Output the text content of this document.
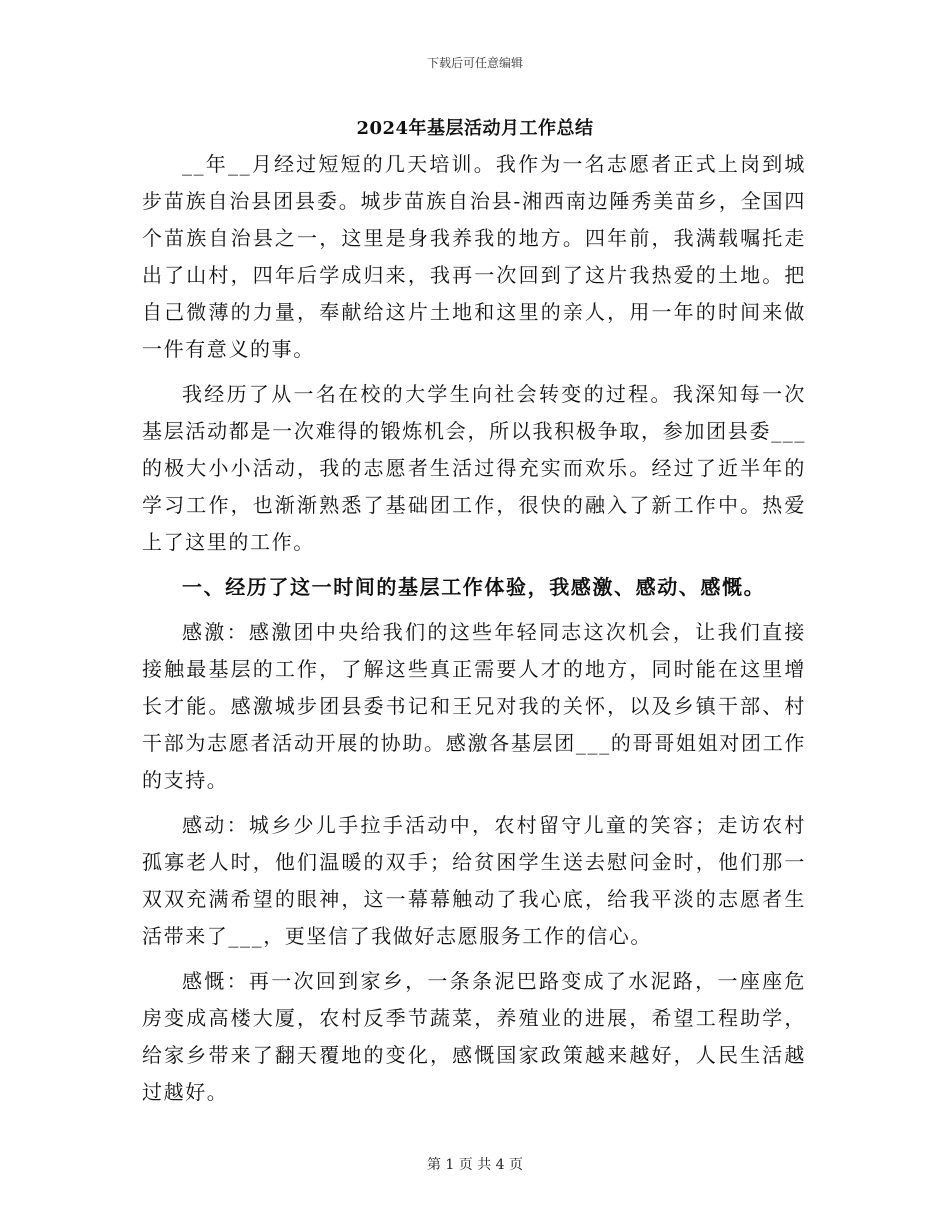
下载后可任意编辑
2024年基层活动月工作总结

__年__月经过短短的几天培训。我作为一名志愿者正式上岗到城步苗族自治县团县委。城步苗族自治县-湘西南边陲秀美苗乡，全国四个苗族自治县之一，这里是身我养我的地方。四年前，我满载嘱托走出了山村，四年后学成归来，我再一次回到了这片我热爱的土地。把自己微薄的力量，奉献给这片土地和这里的亲人，用一年的时间来做一件有意义的事。

我经历了从一名在校的大学生向社会转变的过程。我深知每一次基层活动都是一次难得的锻炼机会，所以我积极争取，参加团县委___的极大小小活动，我的志愿者生活过得充实而欢乐。经过了近半年的学习工作，也渐渐熟悉了基础团工作，很快的融入了新工作中。热爱上了这里的工作。

一、经历了这一时间的基层工作体验，我感激、感动、感慨。

感激：感激团中央给我们的这些年轻同志这次机会，让我们直接接触最基层的工作，了解这些真正需要人才的地方，同时能在这里增长才能。感激城步团县委书记和王兄对我的关怀，以及乡镇干部、村干部为志愿者活动开展的协助。感激各基层团___的哥哥姐姐对团工作的支持。

感动：城乡少儿手拉手活动中，农村留守儿童的笑容；走访农村孤寡老人时，他们温暖的双手；给贫困学生送去慰问金时，他们那一双双充满希望的眼神，这一幕幕触动了我心底，给我平淡的志愿者生活带来了___，更坚信了我做好志愿服务工作的信心。

感慨：再一次回到家乡，一条条泥巴路变成了水泥路，一座座危房变成高楼大厦，农村反季节蔬菜，养殖业的进展，希望工程助学，给家乡带来了翻天覆地的变化，感慨国家政策越来越好，人民生活越过越好。

第 1 页 共 4 页
